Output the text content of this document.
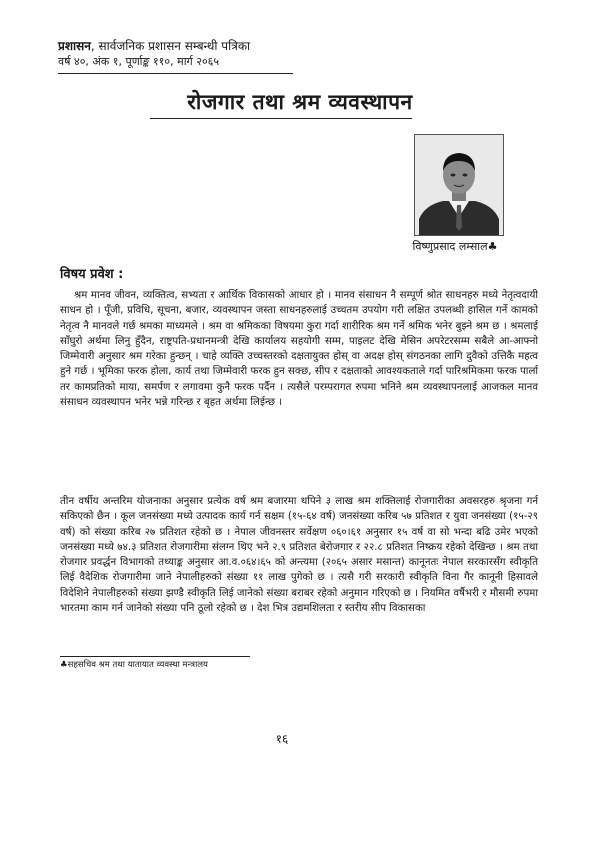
प्रशासन, सार्वजनिक प्रशासन सम्बन्धी पत्रिका
वर्ष ४०, अंक १, पूर्णाङ्क ११०, मार्ग २०६५
रोजगार तथा श्रम व्यवस्थापन
विष्णुप्रसाद लम्साल♣
विषय प्रवेश :
श्रम मानव जीवन, व्यक्तित्व, सभ्यता र आर्थिक विकासको आधार हो । मानव संसाधन नै सम्पूर्ण श्रोत साधनहरु मध्ये नेतृत्वदायी साधन हो । पूँजी, प्रविधि, सूचना, बजार, व्यवस्थापन जस्ता साधनहरुलाई उच्चतम उपयोग गरी लक्षित उपलब्धी हासिल गर्ने कामको नेतृत्व नै मानवले गर्छ श्रमका माध्यमले । श्रम वा श्रमिकका विषयमा कुरा गर्दा शारीरिक श्रम गर्ने श्रमिक भनेर बुझ्ने श्रम छ । श्रमलाई साँघुरो अर्थमा लिनु हुँदैन, राष्ट्रपति-प्रधानमन्त्री देखि कार्यालय सहयोगी सम्म, पाइलट देखि मेसिन अपरेटरसम्म सबैले आ-आफ्नो जिम्मेवारी अनुसार श्रम गरेका हुन्छन् । चाहे व्यक्ति उच्चस्तरको दक्षतायुक्त होस् वा अदक्ष होस् संगठनका लागि दुवैको उत्तिकै महत्व हुने गर्छ । भूमिका फरक होला, कार्य तथा जिम्मेवारी फरक हुन सक्छ, सीप र दक्षताको आवश्यकताले गर्दा पारिश्रमिकमा फरक पार्ला तर कामप्रतिको माया, समर्पण र लगावमा कुनै फरक पर्दैन । त्यसैले परम्परागत रुपमा भनिने श्रम व्यवस्थापनलाई आजकल मानव संसाधन व्यवस्थापन भनेर भन्ने गरिन्छ र बृहत अर्थमा लिईन्छ ।
तीन वर्षीय अन्तरिम योजनाका अनुसार प्रत्येक वर्ष श्रम बजारमा थपिने ३ लाख श्रम शक्तिलाई रोजगारीका अवसरहरु श्रृजना गर्न सकिएको छैन । कूल जनसंख्या मध्ये उत्पादक कार्य गर्न सक्षम (१५-६४ वर्ष) जनसंख्या करिब ५७ प्रतिशत र युवा जनसंख्या (१५-२९ वर्ष) को संख्या करिब २७ प्रतिशत रहेको छ । नेपाल जीवनस्तर सर्वेक्षण ०६०।६१ अनुसार १५ वर्ष वा सो भन्दा बढि उमेर भएको जनसंख्या मध्ये ७४.३ प्रतिशत रोजगारीमा संलग्न थिए भने २.९ प्रतिशत बेरोजगार र २२.८ प्रतिशत निष्क्रय रहेको देखिन्छ । श्रम तथा रोजगार प्रवर्द्धन विभागको तथ्याङ्क अनुसार आ.व.०६४।६५ को अन्त्यमा (२०६५ असार मसान्त) कानूनतः नेपाल सरकारसँग स्वीकृति लिई वैदेशिक रोजगारीमा जाने नेपालीहरुको संख्या ११ लाख पुगेको छ । त्यसै गरी सरकारी स्वीकृति विना गैर कानूनी हिसावले विदेशिने नेपालीहरुको संख्या झण्डै स्वीकृति लिई जानेको संख्या बराबर रहेको अनुमान गरिएको छ । नियमित वर्षैभरी र मौसमी रुपमा भारतमा काम गर्न जानेको संख्या पनि ठूलो रहेको छ । देश भित्र उद्यमशिलता र स्तरीय सीप विकासका
♣सहसचिव श्रम तथा यातायात व्यवस्था मन्त्रालय
१६
